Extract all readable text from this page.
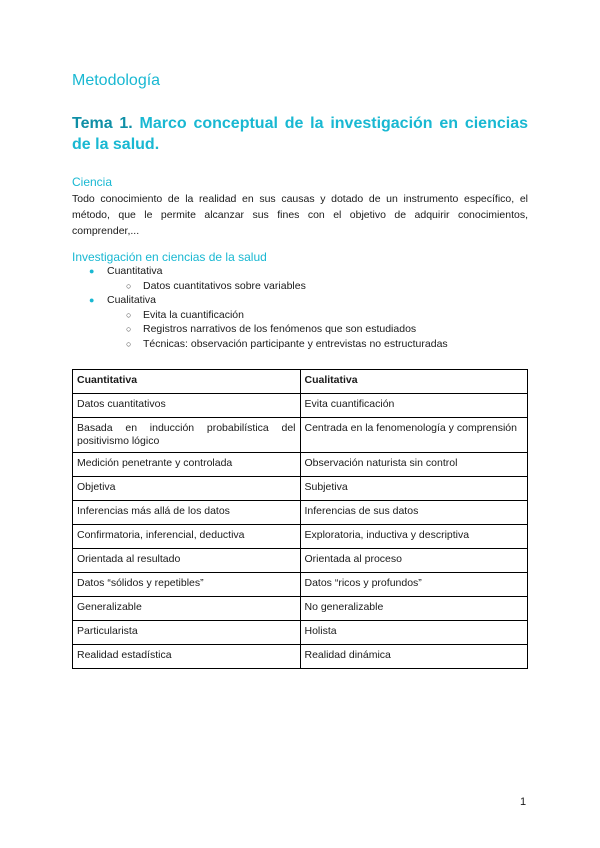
Metodología
Tema 1. Marco conceptual de la investigación en ciencias de la salud.
Ciencia

Todo conocimiento de la realidad en sus causas y dotado de un instrumento específico, el método, que le permite alcanzar sus fines con el objetivo de adquirir conocimientos, comprender,...

Investigación en ciencias de la salud
● Cuantitativa
○ Datos cuantitativos sobre variables
● Cualitativa
○ Evita la cuantificación
○ Registros narrativos de los fenómenos que son estudiados
○ Técnicas: observación participante y entrevistas no estructuradas
Cuantitativa	Cualitativa
Datos cuantitativos	Evita cuantificación
Basada en inducción probabilística del positivismo lógico	Centrada en la fenomenología y comprensión
Medición penetrante y controlada	Observación naturista sin control
Objetiva	Subjetiva
Inferencias más allá de los datos	Inferencias de sus datos
Confirmatoria, inferencial, deductiva	Exploratoria, inductiva y descriptiva
Orientada al resultado	Orientada al proceso
Datos “sólidos y repetibles”	Datos “ricos y profundos”
Generalizable	No generalizable
Particularista	Holista
Realidad estadística	Realidad dinámica
1
